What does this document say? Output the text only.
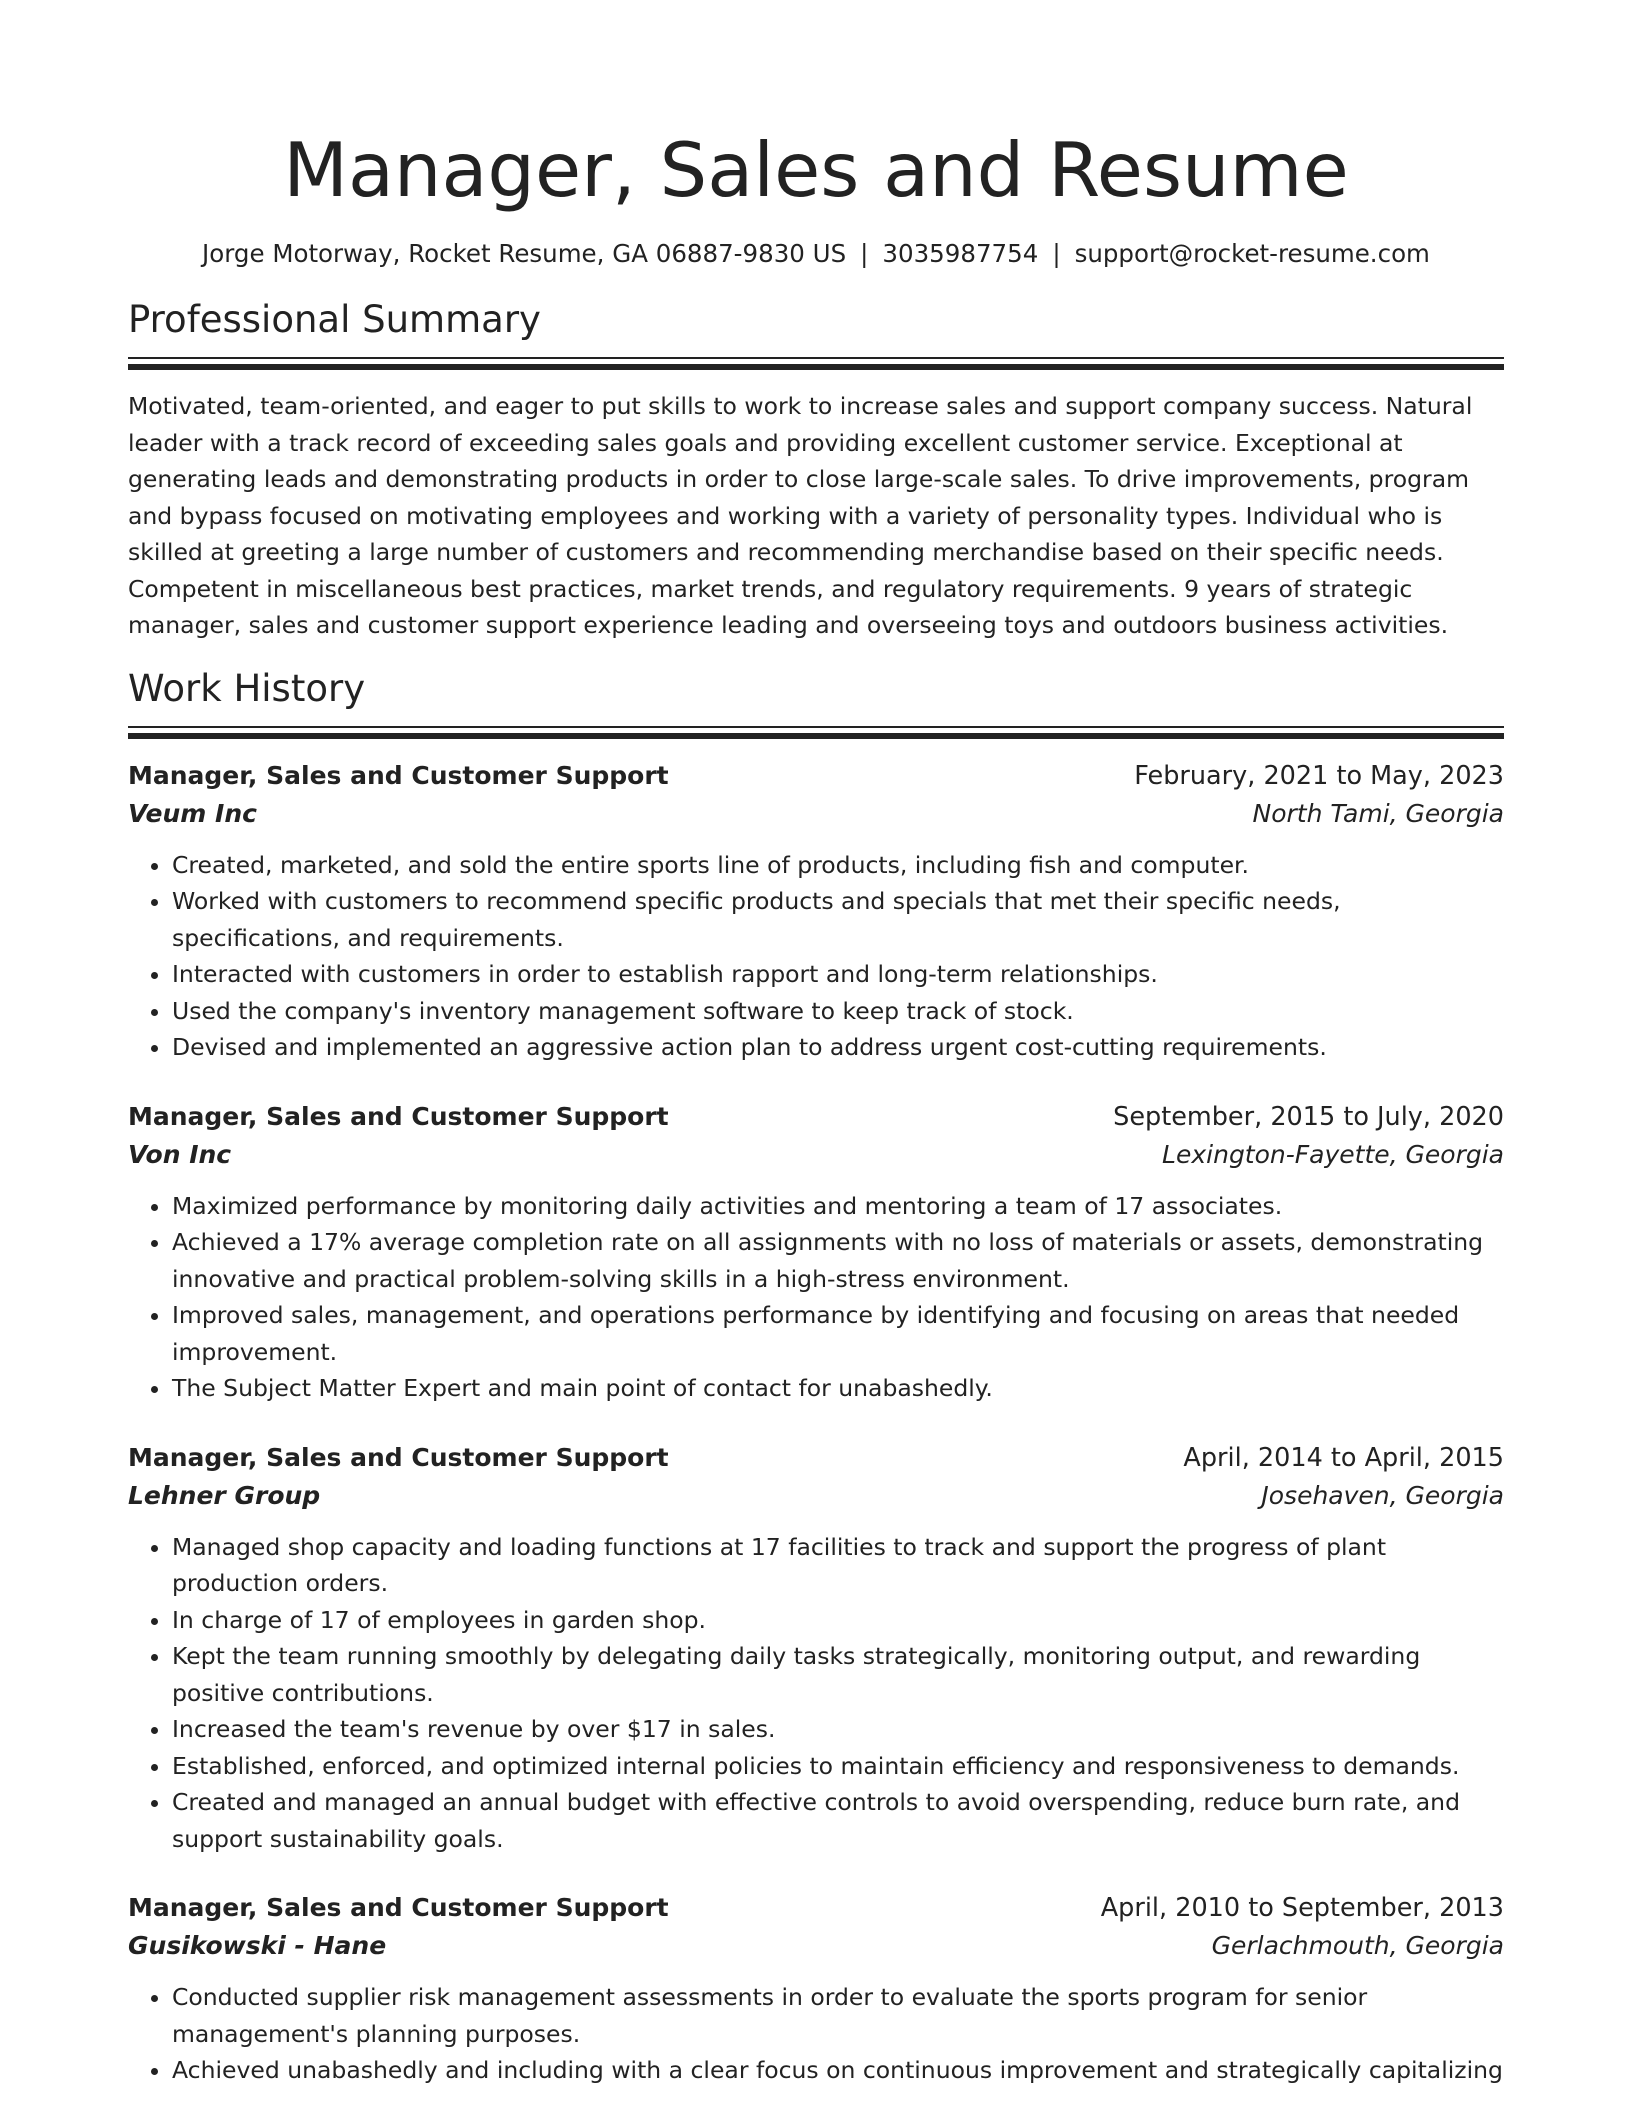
Manager, Sales and Resume
Jorge Motorway, Rocket Resume, GA 06887-9830 US | 3035987754 | support@rocket-resume.com
Professional Summary

Motivated, team-oriented, and eager to put skills to work to increase sales and support company success. Natural leader with a track record of exceeding sales goals and providing excellent customer service. Exceptional at generating leads and demonstrating products in order to close large-scale sales. To drive improvements, program and bypass focused on motivating employees and working with a variety of personality types. Individual who is skilled at greeting a large number of customers and recommending merchandise based on their specific needs. Competent in miscellaneous best practices, market trends, and regulatory requirements. 9 years of strategic manager, sales and customer support experience leading and overseeing toys and outdoors business activities.

Work History
Manager, Sales and Customer Support	February, 2021 to May, 2023
Veum Inc	North Tami, Georgia
• Created, marketed, and sold the entire sports line of products, including fish and computer.
• Worked with customers to recommend specific products and specials that met their specific needs, specifications, and requirements.
• Interacted with customers in order to establish rapport and long-term relationships.
• Used the company's inventory management software to keep track of stock.
• Devised and implemented an aggressive action plan to address urgent cost-cutting requirements.
Manager, Sales and Customer Support	September, 2015 to July, 2020
Von Inc	Lexington-Fayette, Georgia
• Maximized performance by monitoring daily activities and mentoring a team of 17 associates.
• Achieved a 17% average completion rate on all assignments with no loss of materials or assets, demonstrating innovative and practical problem-solving skills in a high-stress environment.
• Improved sales, management, and operations performance by identifying and focusing on areas that needed improvement.
• The Subject Matter Expert and main point of contact for unabashedly.
Manager, Sales and Customer Support	April, 2014 to April, 2015
Lehner Group	Josehaven, Georgia
• Managed shop capacity and loading functions at 17 facilities to track and support the progress of plant production orders.
• In charge of 17 of employees in garden shop.
• Kept the team running smoothly by delegating daily tasks strategically, monitoring output, and rewarding positive contributions.
• Increased the team's revenue by over $17 in sales.
• Established, enforced, and optimized internal policies to maintain efficiency and responsiveness to demands.
• Created and managed an annual budget with effective controls to avoid overspending, reduce burn rate, and support sustainability goals.
Manager, Sales and Customer Support	April, 2010 to September, 2013
Gusikowski - Hane	Gerlachmouth, Georgia
• Conducted supplier risk management assessments in order to evaluate the sports program for senior management's planning purposes.
• Achieved unabashedly and including with a clear focus on continuous improvement and strategically capitalizing
